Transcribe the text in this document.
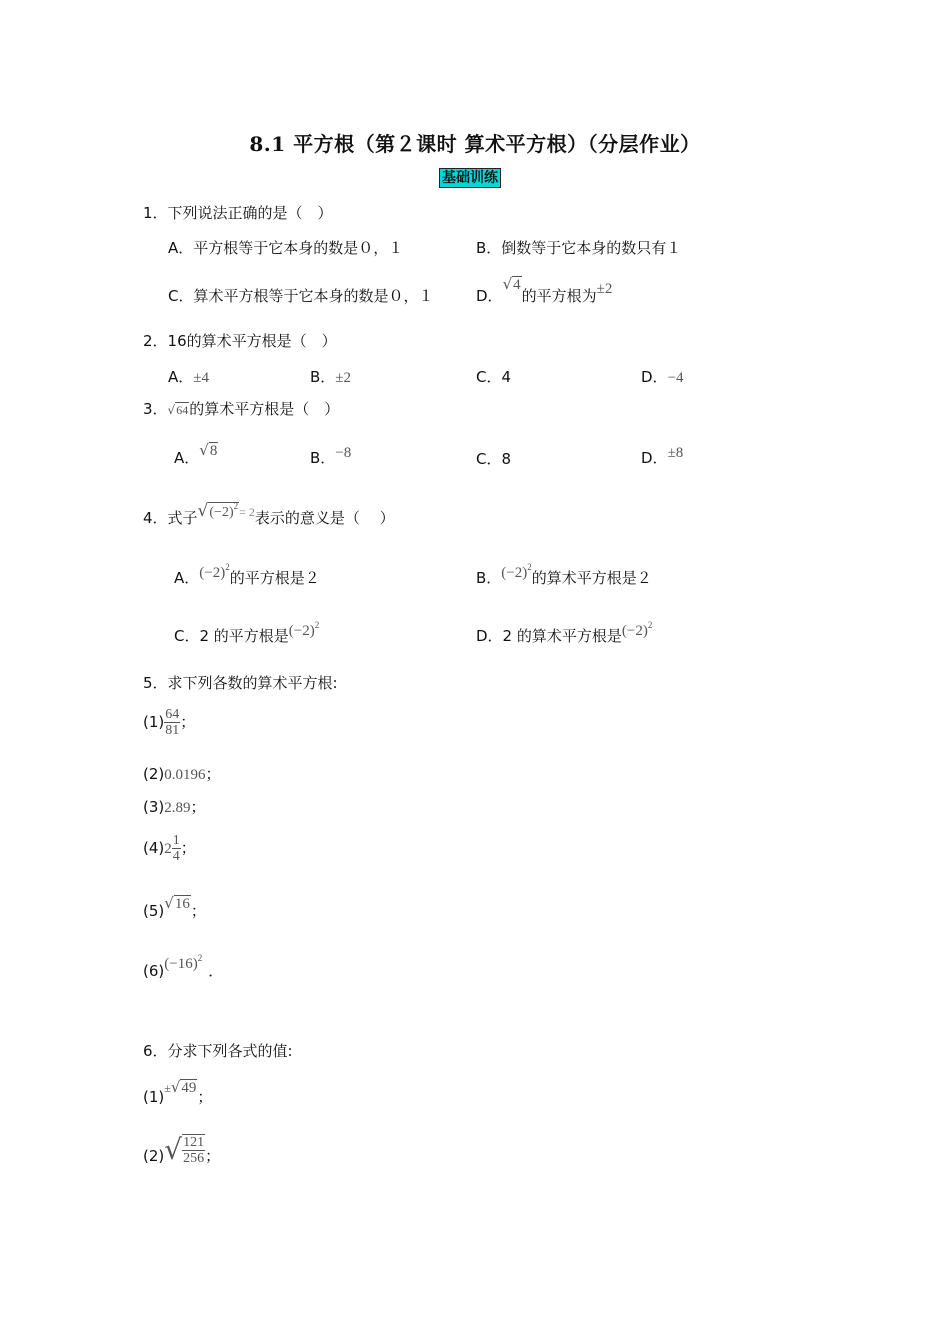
8.1 平方根（第２课时 算术平方根）（分层作业）
基础训练
1．下列说法正确的是（　）
A．平方根等于它本身的数是０，１	B．倒数等于它本身的数只有１
C．算术平方根等于它本身的数是０，１	D．√4的平方根为±2
2．16的算术平方根是（　）
A．±4	B．±2	C．4	D．−4
3．√64的算术平方根是（　）
A．√8	B．−8	C．8	D．±8
4．式子$√(-2)^2= 2$表示的意义是（　 ）
A．$(-2)^2$的平方根是２	B．$(-2)^2$的算术平方根是２
C．2 的平方根是$(-2)^2$
D．2 的算术平方根是$(-2)^2$
5．求下列各数的算术平方根:
$(1) \frac{64}{81}$ ；
(2)0.0196；
(3)2.89；
$(4)2 \frac{1}{4}$ ；
(5)√16；
$(6)(-16)^2$．
6．分求下列各式的值:
(1)±√49；
$(2)√ \frac{121}{256}$ ；
